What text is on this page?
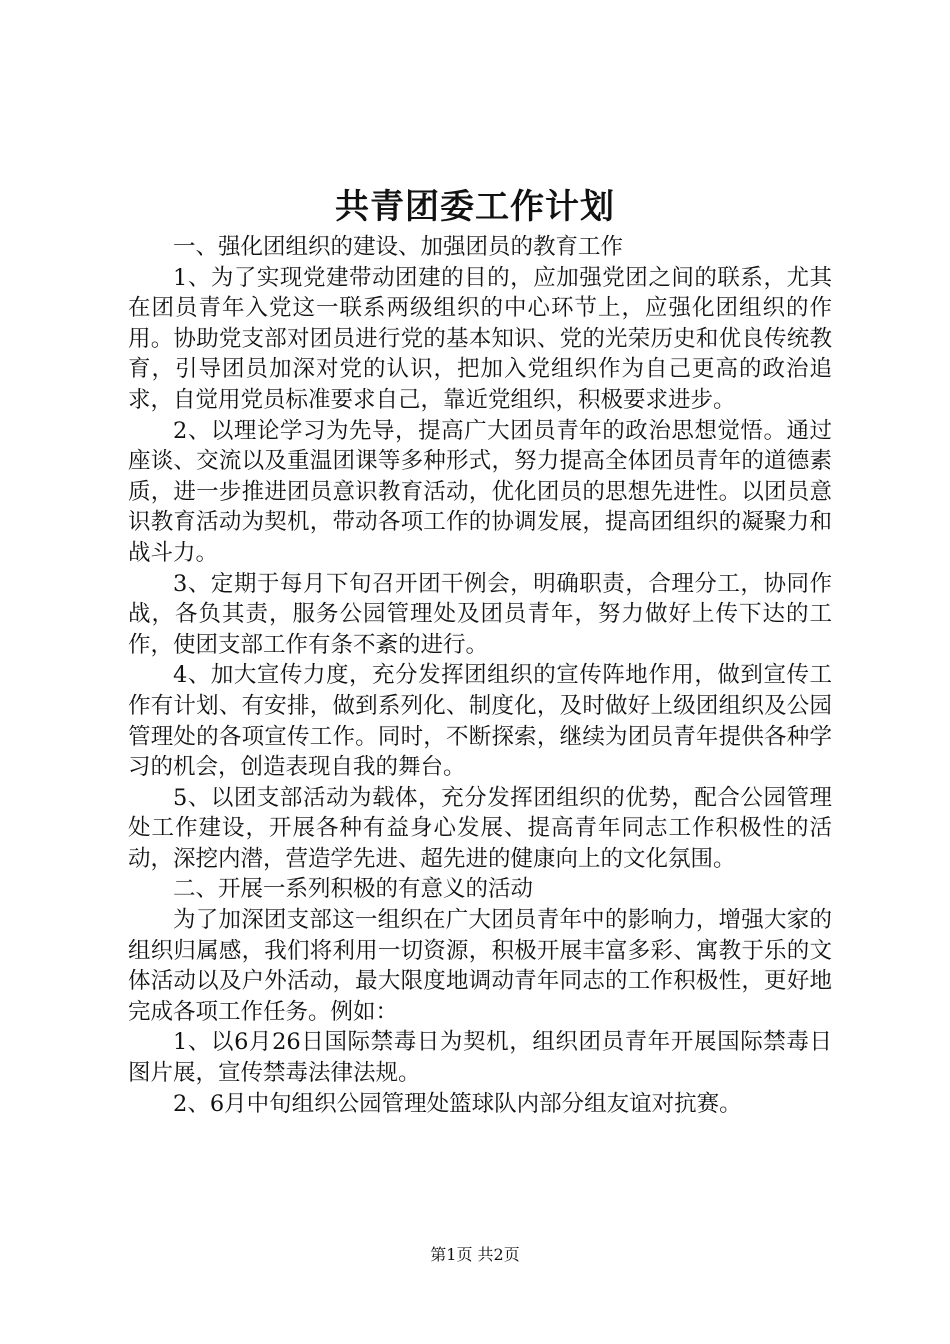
共青团委工作计划

一、强化团组织的建设、加强团员的教育工作

1、为了实现党建带动团建的目的，应加强党团之间的联系，尤其在团员青年入党这一联系两级组织的中心环节上，应强化团组织的作用。协助党支部对团员进行党的基本知识、党的光荣历史和优良传统教育，引导团员加深对党的认识，把加入党组织作为自己更高的政治追求，自觉用党员标准要求自己，靠近党组织，积极要求进步。

2、以理论学习为先导，提高广大团员青年的政治思想觉悟。通过座谈、交流以及重温团课等多种形式，努力提高全体团员青年的道德素质，进一步推进团员意识教育活动，优化团员的思想先进性。以团员意识教育活动为契机，带动各项工作的协调发展，提高团组织的凝聚力和战斗力。

3、定期于每月下旬召开团干例会，明确职责，合理分工，协同作战，各负其责，服务公园管理处及团员青年，努力做好上传下达的工作，使团支部工作有条不紊的进行。

4、加大宣传力度，充分发挥团组织的宣传阵地作用，做到宣传工作有计划、有安排，做到系列化、制度化，及时做好上级团组织及公园管理处的各项宣传工作。同时，不断探索，继续为团员青年提供各种学习的机会，创造表现自我的舞台。

5、以团支部活动为载体，充分发挥团组织的优势，配合公园管理处工作建设，开展各种有益身心发展、提高青年同志工作积极性的活动，深挖内潜，营造学先进、超先进的健康向上的文化氛围。

二、开展一系列积极的有意义的活动

为了加深团支部这一组织在广大团员青年中的影响力，增强大家的组织归属感，我们将利用一切资源，积极开展丰富多彩、寓教于乐的文体活动以及户外活动，最大限度地调动青年同志的工作积极性，更好地完成各项工作任务。例如：

1、以6月26日国际禁毒日为契机，组织团员青年开展国际禁毒日图片展，宣传禁毒法律法规。

2、6月中旬组织公园管理处篮球队内部分组友谊对抗赛。

第1页 共2页
